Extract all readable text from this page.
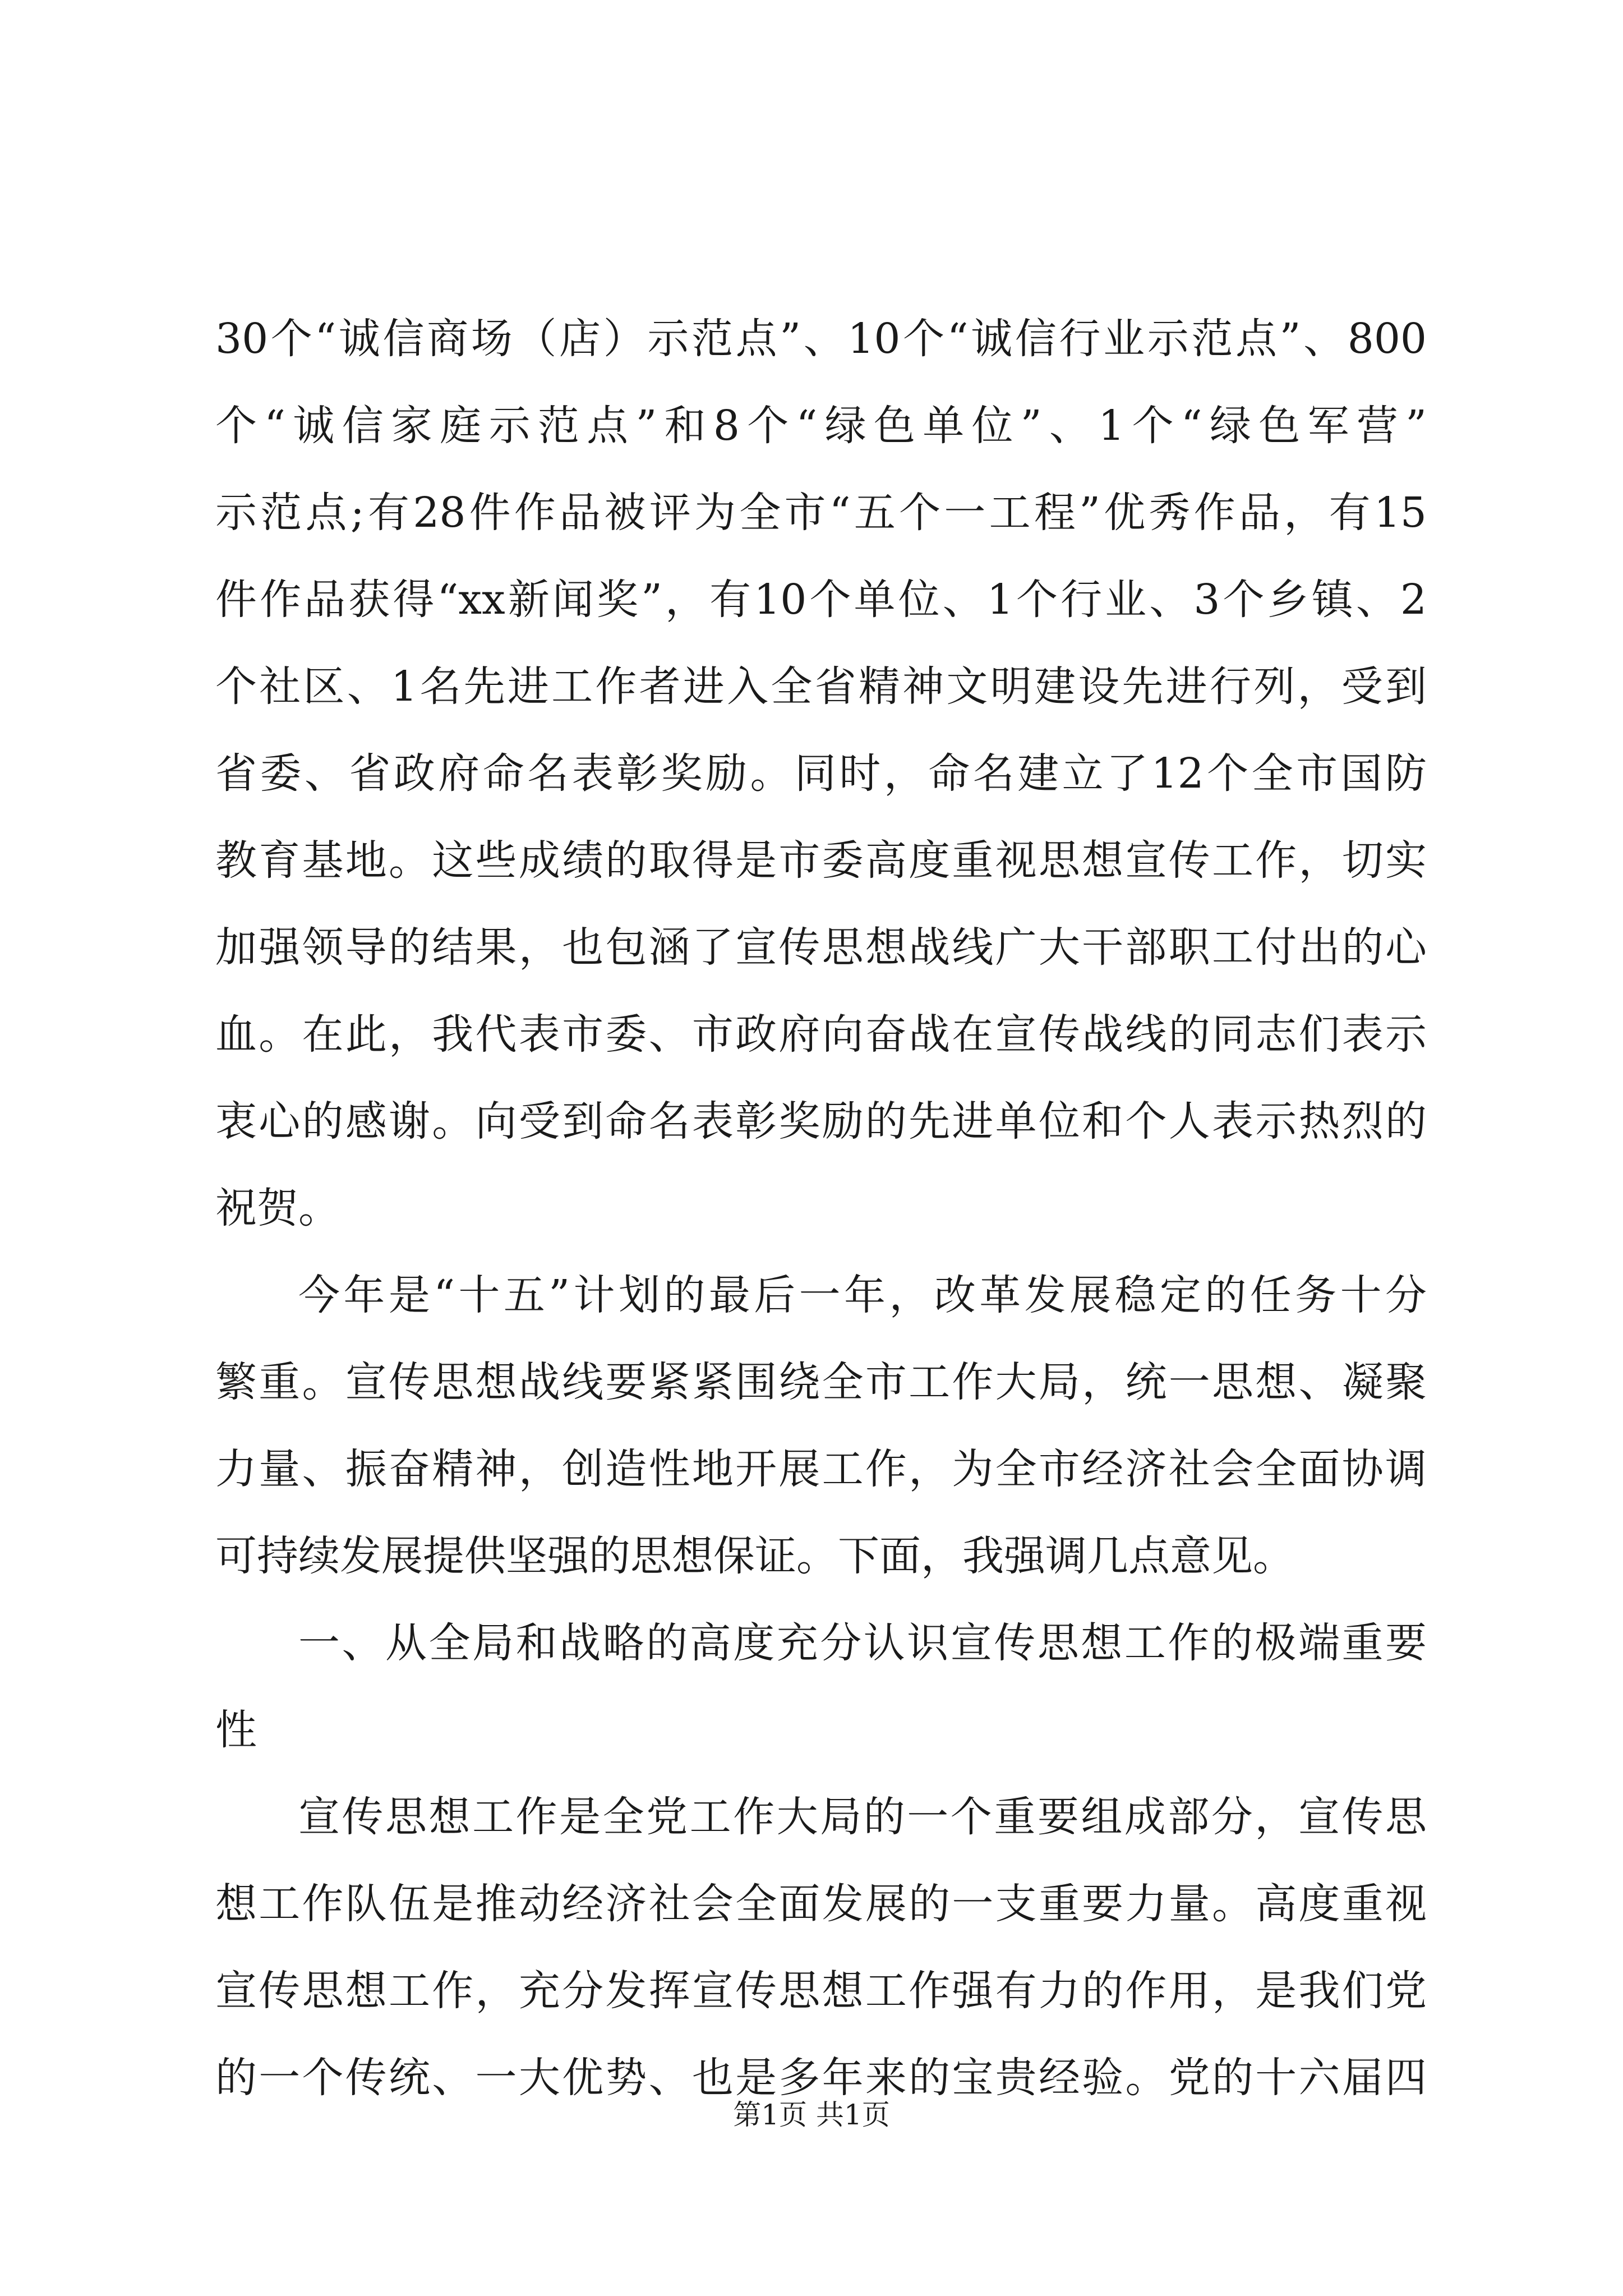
30个“诚信商场（店）示范点”、10个“诚信行业示范点”、800
个“诚信家庭示范点”和8个“绿色单位”、1个“绿色军营”
示范点;有28件作品被评为全市“五个一工程”优秀作品，有15
件作品获得“xx新闻奖”，有10个单位、1个行业、3个乡镇、2
个社区、1名先进工作者进入全省精神文明建设先进行列，受到
省委、省政府命名表彰奖励。同时，命名建立了12个全市国防
教育基地。这些成绩的取得是市委高度重视思想宣传工作，切实
加强领导的结果，也包涵了宣传思想战线广大干部职工付出的心
血。在此，我代表市委、市政府向奋战在宣传战线的同志们表示
衷心的感谢。向受到命名表彰奖励的先进单位和个人表示热烈的
祝贺。
今年是“十五”计划的最后一年，改革发展稳定的任务十分
繁重。宣传思想战线要紧紧围绕全市工作大局，统一思想、凝聚
力量、振奋精神，创造性地开展工作，为全市经济社会全面协调
可持续发展提供坚强的思想保证。下面，我强调几点意见。
一、从全局和战略的高度充分认识宣传思想工作的极端重要
性
宣传思想工作是全党工作大局的一个重要组成部分，宣传思
想工作队伍是推动经济社会全面发展的一支重要力量。高度重视
宣传思想工作，充分发挥宣传思想工作强有力的作用，是我们党
的一个传统、一大优势、也是多年来的宝贵经验。党的十六届四
第1页 共1页
